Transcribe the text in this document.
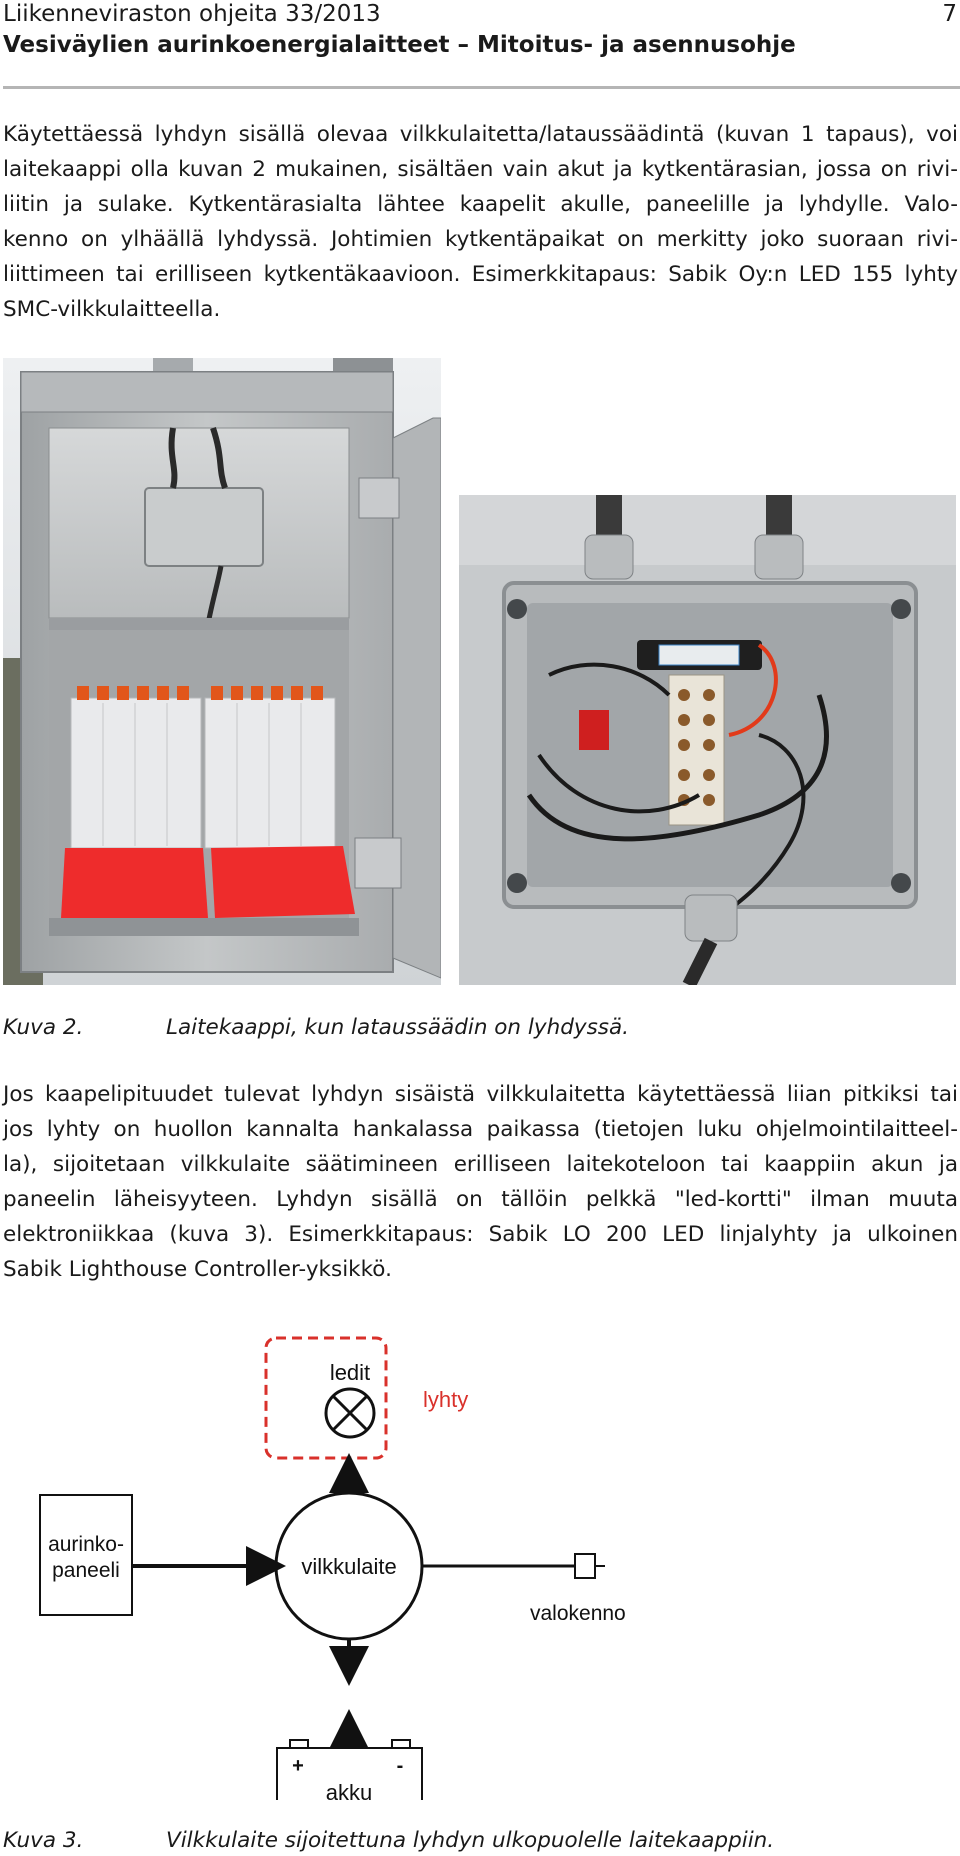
Liikenneviraston ohjeita 33/2013
Vesiväylien aurinkoenergialaitteet – Mitoitus- ja asennusohje
7
Käytettäessä lyhdyn sisällä olevaa vilkkulaitetta/lataussäädintä (kuvan 1 tapaus), voi
laitekaappi olla kuvan 2 mukainen, sisältäen vain akut ja kytkentärasian, jossa on rivi-
liitin ja sulake. Kytkentärasialta lähtee kaapelit akulle, paneelille ja lyhdylle. Valo-
kenno on ylhäällä lyhdyssä. Johtimien kytkentäpaikat on merkitty joko suoraan rivi-
liittimeen tai erilliseen kytkentäkaavioon. Esimerkkitapaus: Sabik Oy:n LED 155 lyhty
SMC-vilkkulaitteella.
Kuva 2.	Laitekaappi, kun lataussäädin on lyhdyssä.
Jos kaapelipituudet tulevat lyhdyn sisäistä vilkkulaitetta käytettäessä liian pitkiksi tai
jos lyhty on huollon kannalta hankalassa paikassa (tietojen luku ohjelmointilaitteel-
la), sijoitetaan vilkkulaite säätimineen erilliseen laitekoteloon tai kaappiin akun ja
paneelin läheisyyteen. Lyhdyn sisällä on tällöin pelkkä "led-kortti" ilman muuta
elektroniikkaa (kuva 3). Esimerkkitapaus: Sabik LO 200 LED linjalyhty ja ulkoinen
Sabik Lighthouse Controller-yksikkö.
ledit
lyhty
aurinko-
paneeli	vilkkulaite
valokenno
+	-
akku
Kuva 3.	Vilkkulaite sijoitettuna lyhdyn ulkopuolelle laitekaappiin.
